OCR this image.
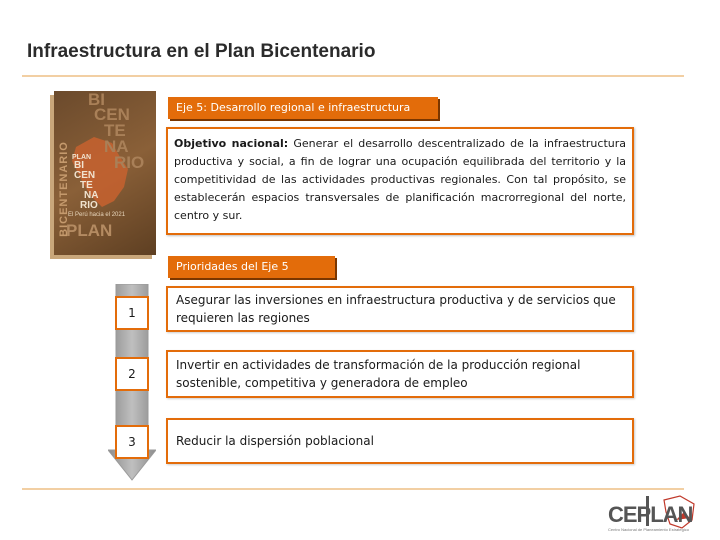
Infraestructura en el Plan Bicentenario
BICENTENARIO
BI
CEN
TE
NA
RIO
PLAN
BI
CEN
TE
NA
RIO
El Perú hacia el 2021
PLAN
Eje 5: Desarrollo regional e infraestructura
Objetivo nacional: Generar el desarrollo descentralizado de la infraestructura productiva y social, a fin de lograr una ocupación equilibrada del territorio y la competitividad de las actividades productivas regionales. Con tal propósito, se establecerán espacios transversales de planificación macrorregional del norte, centro y sur.
Prioridades del Eje 5
1
2
3
Asegurar las inversiones en infraestructura productiva y de servicios que requieren las regiones
Invertir en actividades de transformación de la producción regional sostenible, competitiva y generadora de empleo
Reducir la dispersión poblacional
CEPLAN
Centro Nacional de Planeamiento Estratégico
